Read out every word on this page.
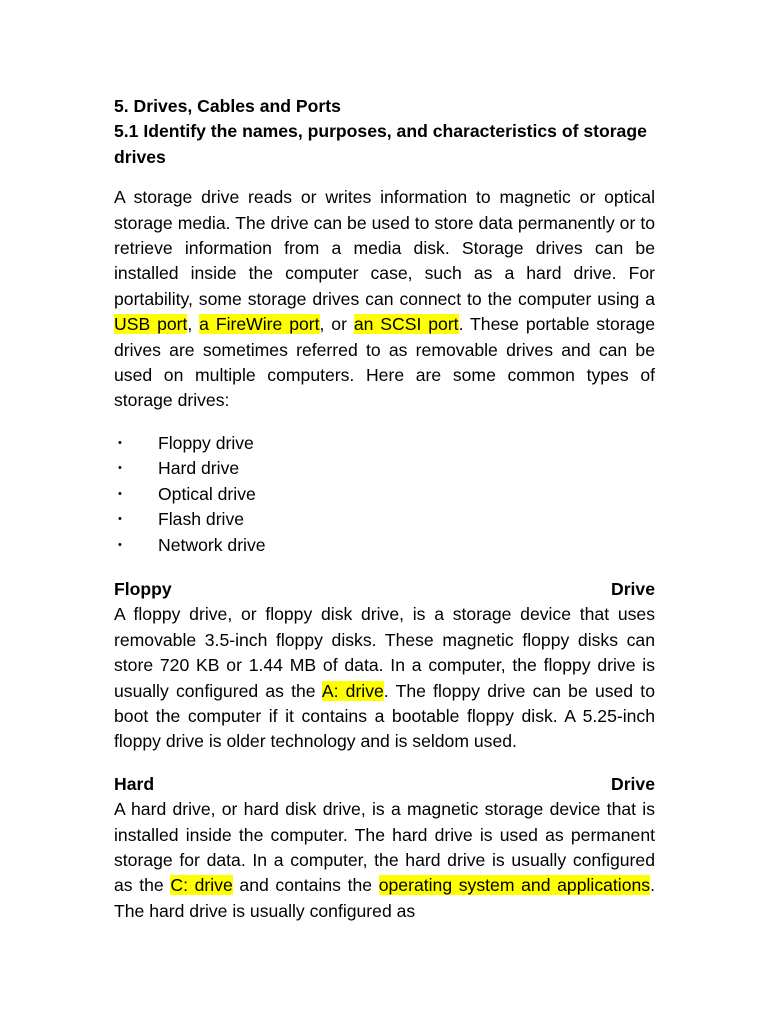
5. Drives, Cables and Ports

5.1 Identify the names, purposes, and characteristics of storage drives

A storage drive reads or writes information to magnetic or optical storage media. The drive can be used to store data permanently or to retrieve information from a media disk. Storage drives can be installed inside the computer case, such as a hard drive. For portability, some storage drives can connect to the computer using a USB port, a FireWire port, or an SCSI port. These portable storage drives are sometimes referred to as removable drives and can be used on multiple computers. Here are some common types of storage drives:

• Floppy drive
• Hard drive
• Optical drive
• Flash drive
• Network drive
Floppy	Drive

A floppy drive, or floppy disk drive, is a storage device that uses removable 3.5-inch floppy disks. These magnetic floppy disks can store 720 KB or 1.44 MB of data. In a computer, the floppy drive is usually configured as the A: drive. The floppy drive can be used to boot the computer if it contains a bootable floppy disk. A 5.25-inch floppy drive is older technology and is seldom used.

Hard	Drive

A hard drive, or hard disk drive, is a magnetic storage device that is installed inside the computer. The hard drive is used as permanent storage for data. In a computer, the hard drive is usually configured as the C: drive and contains the operating system and applications. The hard drive is usually configured as
